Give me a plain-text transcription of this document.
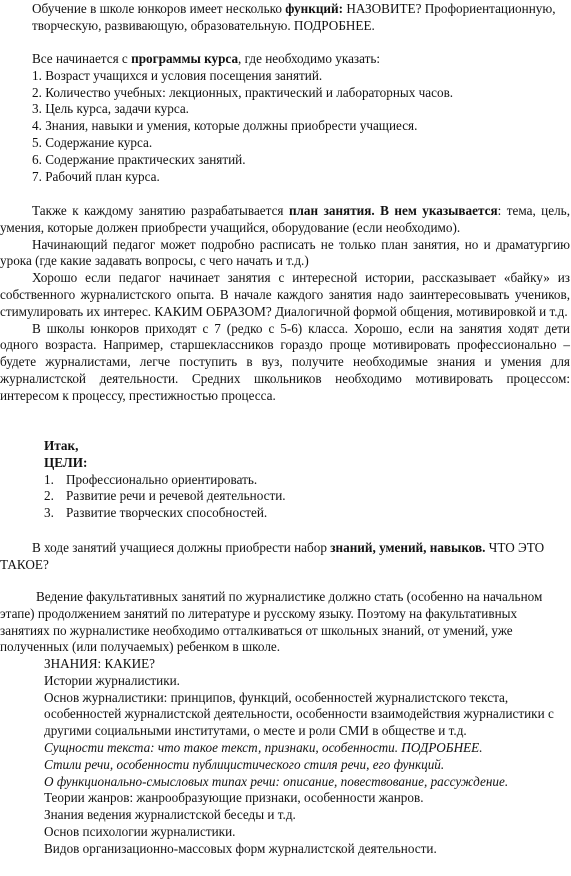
Обучение в школе юнкоров имеет несколько функций: НАЗОВИТЕ? Профориентационную, творческую, развивающую, образовательную. ПОДРОБНЕЕ.

Все начинается с программы курса, где необходимо указать:

1. Возраст учащихся и условия посещения занятий.

2. Количество учебных: лекционных, практический и лабораторных часов.

3. Цель курса, задачи курса.

4. Знания, навыки и умения, которые должны приобрести учащиеся.

5. Содержание курса.

6. Содержание практических занятий.

7. Рабочий план курса.

Также к каждому занятию разрабатывается план занятия. В нем указывается: тема, цель, умения, которые должен приобрести учащийся, оборудование (если необходимо).

Начинающий педагог может подробно расписать не только план занятия, но и драматургию урока (где какие задавать вопросы, с чего начать и т.д.)

Хорошо если педагог начинает занятия с интересной истории, рассказывает «байку» из собственного журналистского опыта. В начале каждого занятия надо заинтересовывать учеников, стимулировать их интерес. КАКИМ ОБРАЗОМ? Диалогичной формой общения, мотивировкой и т.д.

В школы юнкоров приходят с 7 (редко с 5-6) класса. Хорошо, если на занятия ходят дети одного возраста. Например, старшеклассников гораздо проще мотивировать профессионально – будете журналистами, легче поступить в вуз, получите необходимые знания и умения для журналистской деятельности. Средних школьников необходимо мотивировать процессом: интересом к процессу, престижностью процесса.

Итак,

ЦЕЛИ:

1. Профессионально ориентировать.
2. Развитие речи и речевой деятельности.
3. Развитие творческих способностей.

В ходе занятий учащиеся должны приобрести набор знаний, умений, навыков. ЧТО ЭТО ТАКОЕ?

Ведение факультативных занятий по журналистике должно стать (особенно на начальном этапе) продолжением занятий по литературе и русскому языку. Поэтому на факультативных занятиях по журналистике необходимо отталкиваться от школьных знаний, от умений, уже полученных (или получаемых) ребенком в школе.

ЗНАНИЯ: КАКИЕ?

Истории журналистики.

Основ журналистики: принципов, функций, особенностей журналистского текста, особенностей журналистской деятельности, особенности взаимодействия журналистики с другими социальными институтами, о месте и роли СМИ в обществе и т.д.

Сущности текста: что такое текст, признаки, особенности. ПОДРОБНЕЕ.

Стили речи, особенности публицистического стиля речи, его функций.

О функционально-смысловых типах речи: описание, повествование, рассуждение.

Теории жанров: жанрообразующие признаки, особенности жанров.

Знания ведения журналистской беседы и т.д.

Основ психологии журналистики.

Видов организационно-массовых форм журналистской деятельности.
